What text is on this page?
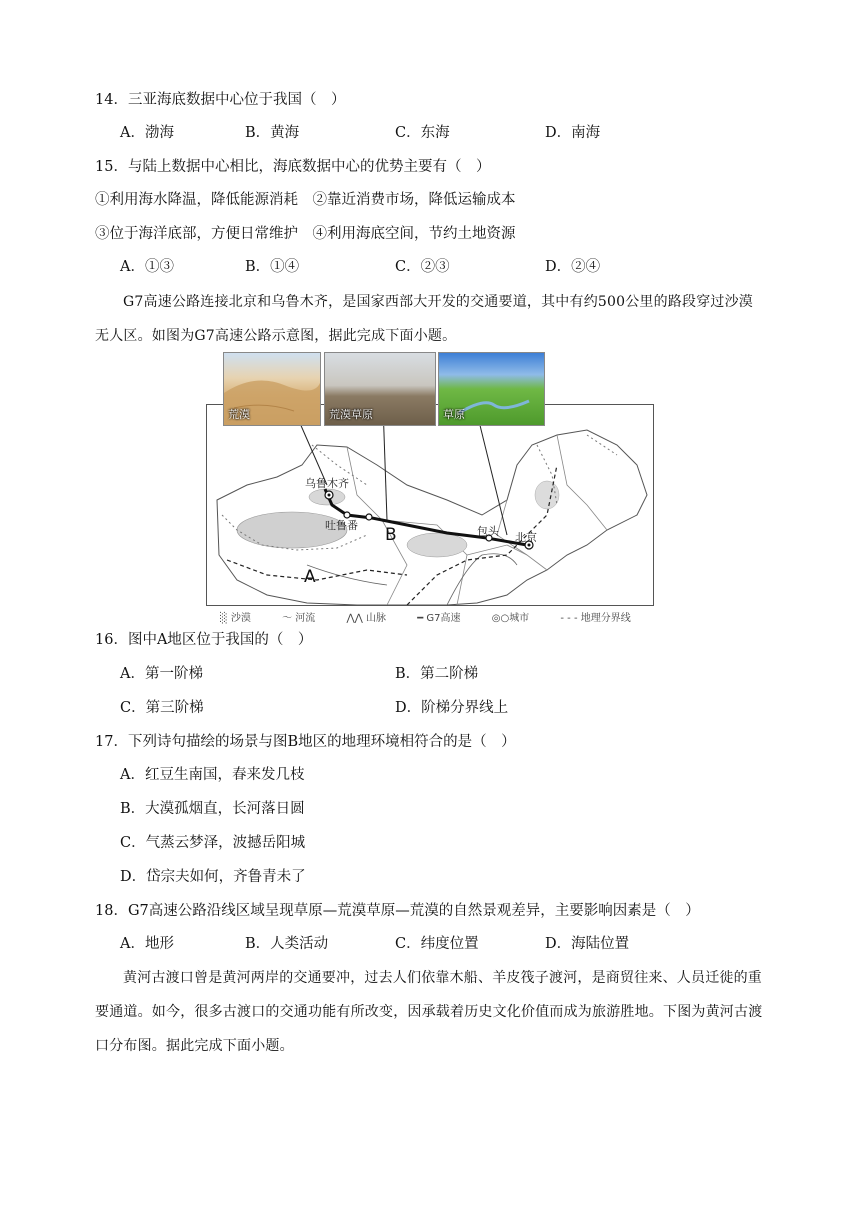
14．三亚海底数据中心位于我国（　）
A．渤海	B．黄海	C．东海	D．南海
15．与陆上数据中心相比，海底数据中心的优势主要有（　）
①利用海水降温，降低能源消耗　②靠近消费市场，降低运输成本
③位于海洋底部，方便日常维护　④利用海底空间，节约土地资源
A．①③	B．①④	C．②③	D．②④
G7高速公路连接北京和乌鲁木齐，是国家西部大开发的交通要道，其中有约500公里的路段穿过沙漠无人区。如图为G7高速公路示意图，据此完成下面小题。
乌鲁木齐
吐鲁番	包头 北京
B
A
荒漠	荒漠草原	草原
░ 沙漠	～ 河流	⋀⋀ 山脉	━ G7高速	◎○城市	- - - 地理分界线
16．图中A地区位于我国的（　）
A．第一阶梯	B．第二阶梯
C．第三阶梯	D．阶梯分界线上
17．下列诗句描绘的场景与图B地区的地理环境相符合的是（　）
A．红豆生南国，春来发几枝
B．大漠孤烟直，长河落日圆
C．气蒸云梦泽，波撼岳阳城
D．岱宗夫如何，齐鲁青未了
18．G7高速公路沿线区域呈现草原—荒漠草原—荒漠的自然景观差异，主要影响因素是（　）
A．地形	B．人类活动	C．纬度位置	D．海陆位置
黄河古渡口曾是黄河两岸的交通要冲，过去人们依靠木船、羊皮筏子渡河，是商贸往来、人员迁徙的重要通道。如今，很多古渡口的交通功能有所改变，因承载着历史文化价值而成为旅游胜地。下图为黄河古渡口分布图。据此完成下面小题。
